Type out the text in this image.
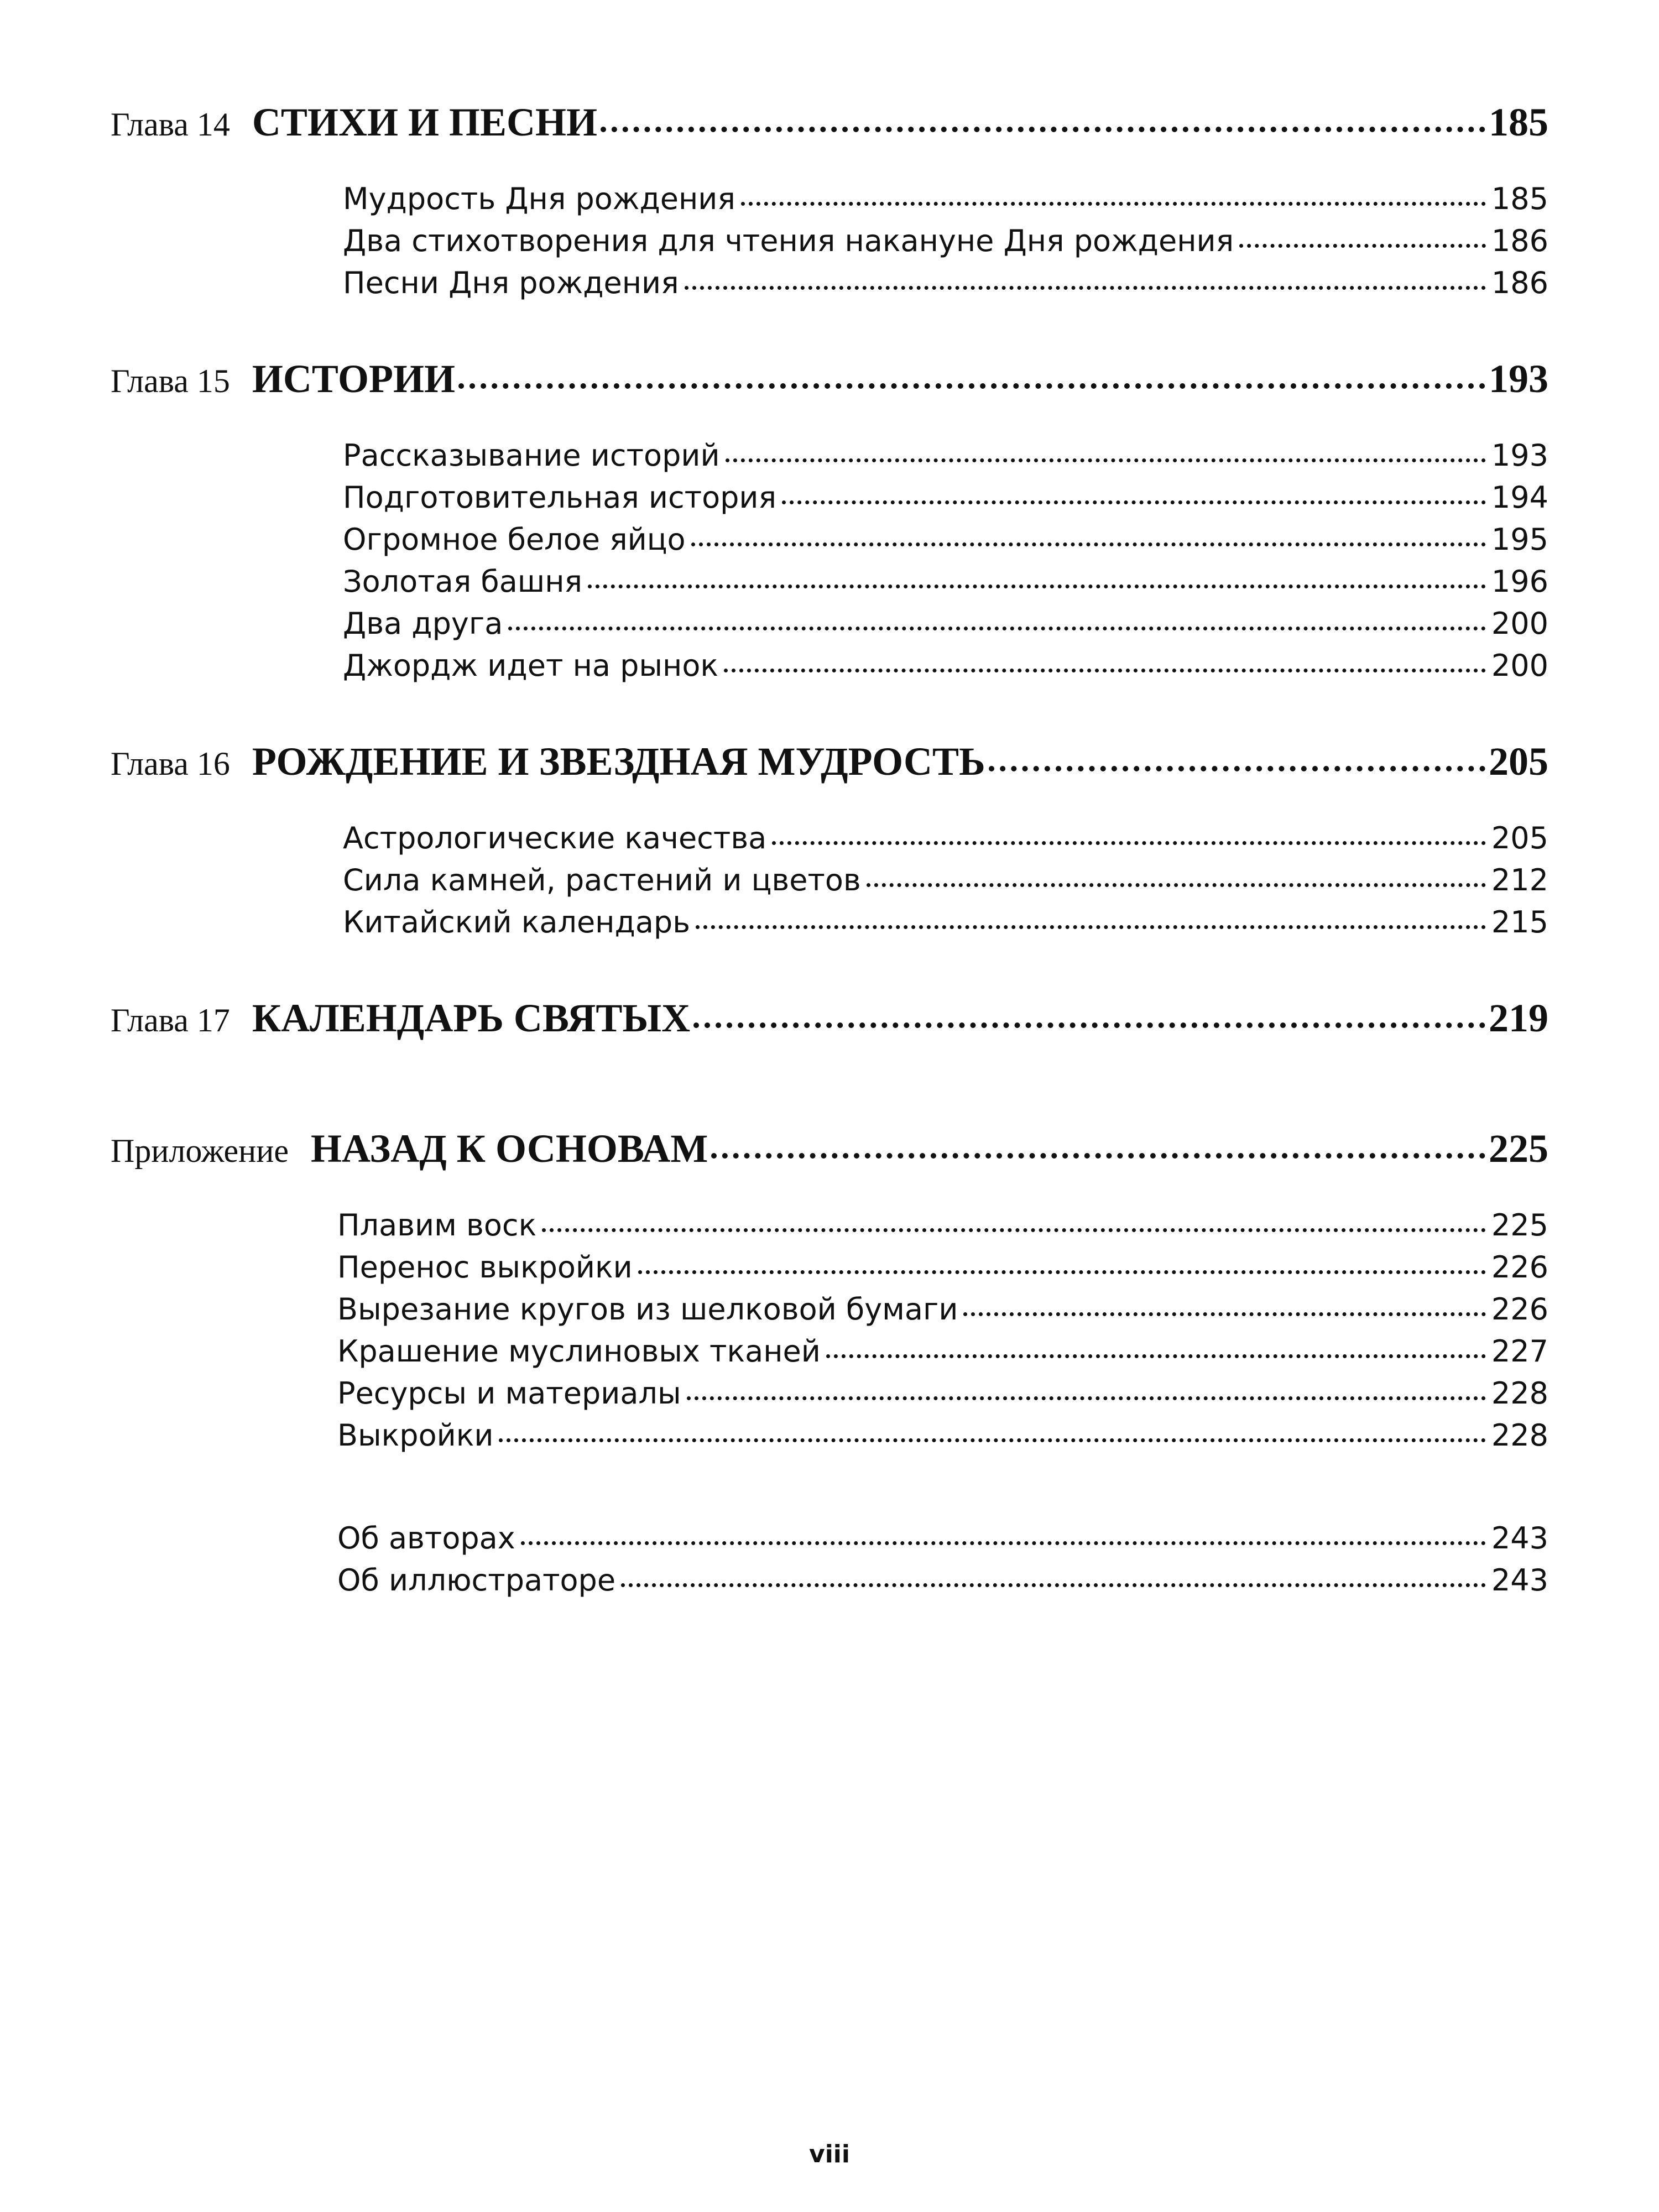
Глава 14 СТИХИ И ПЕСНИ	185
Мудрость Дня рождения	185
Два стихотворения для чтения накануне Дня рождения	186
Песни Дня рождения	186
Глава 15 ИСТОРИИ	193
Рассказывание историй	193
Подготовительная история	194
Огромное белое яйцо	195
Золотая башня	196
Два друга	200
Джордж идет на рынок	200
Глава 16 РОЖДЕНИЕ И ЗВЕЗДНАЯ МУДРОСТЬ	205
Астрологические качества	205
Сила камней, растений и цветов	212
Китайский календарь	215
Глава 17 КАЛЕНДАРЬ СВЯТЫХ	219
Приложение НАЗАД К ОСНОВАМ	225
Плавим воск	225
Перенос выкройки	226
Вырезание кругов из шелковой бумаги	226
Крашение муслиновых тканей	227
Ресурсы и материалы	228
Выкройки	228
Об авторах	243
Об иллюстраторе	243
viii
